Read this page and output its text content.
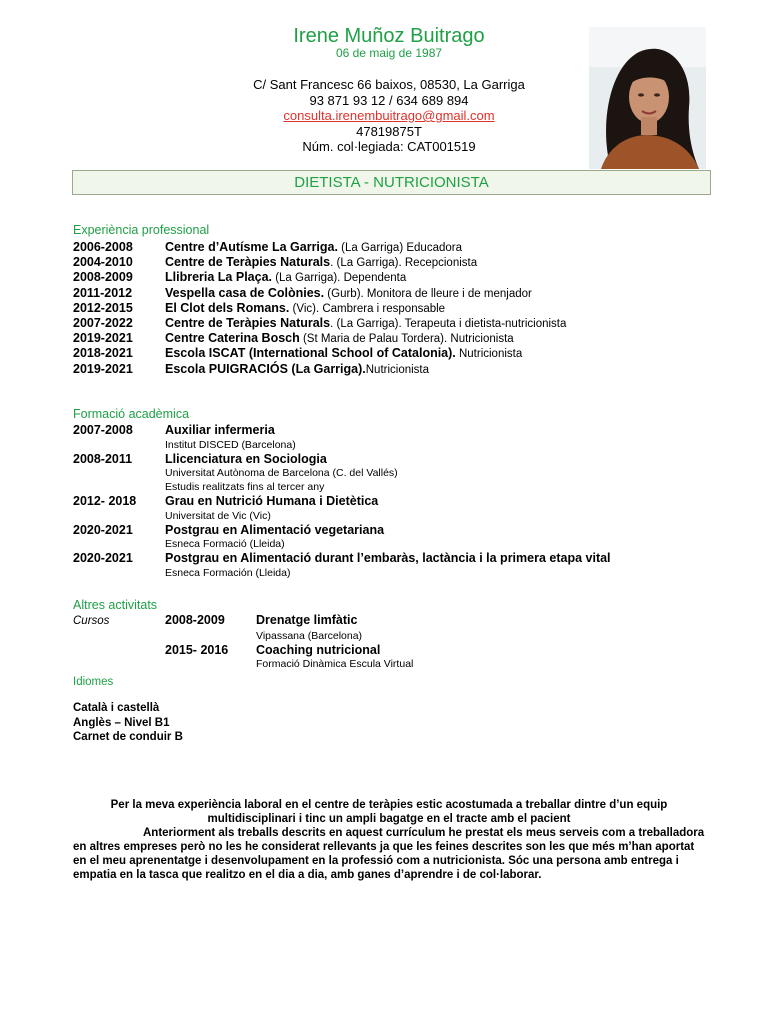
Irene Muñoz Buitrago
06 de maig de 1987
C/ Sant Francesc 66 baixos, 08530, La Garriga
93 871 93 12 / 634 689 894
consulta.irenembuitrago@gmail.com
47819875T
Núm. col·legiada: CAT001519
DIETISTA - NUTRICIONISTA
Experiència professional
2006-2008	Centre d’Autísme La Garriga. (La Garriga) Educadora
2004-2010	Centre de Teràpies Naturals. (La Garriga). Recepcionista
2008-2009	Llibreria La Plaça. (La Garriga). Dependenta
2011-2012	Vespella casa de Colònies. (Gurb). Monitora de lleure i de menjador
2012-2015	El Clot dels Romans. (Vic). Cambrera i responsable
2007-2022	Centre de Teràpies Naturals. (La Garriga). Terapeuta i dietista-nutricionista
2019-2021	Centre Caterina Bosch (St Maria de Palau Tordera). Nutricionista
2018-2021	Escola ISCAT (International School of Catalonia). Nutricionista
2019-2021	Escola PUIGRACIÓS (La Garriga).Nutricionista
Formació acadèmica
2007-2008	Auxiliar infermeria
Institut DISCED (Barcelona)
2008-2011	Llicenciatura en Sociologia
Universitat Autònoma de Barcelona (C. del Vallés)
Estudis realitzats fins al tercer any
2012- 2018 Grau en Nutrició Humana i Dietètica
Universitat de Vic (Vic)
2020-2021	Postgrau en Alimentació vegetariana
Esneca Formació (Lleida)
2020-2021	Postgrau en Alimentació durant l’embaràs, lactància i la primera etapa vital
Esneca Formación (Lleida)
Altres activitats
Cursos	2008-2009 Drenatge limfàtic
Vipassana (Barcelona)
2015- 2016 Coaching nutricional
Formació Dinàmica Escula Virtual
Idiomes
Català i castellà
Anglès – Nivel B1
Carnet de conduir B
Per la meva experiència laboral en el centre de teràpies estic acostumada a treballar dintre d’un equip
multidisciplinari i tinc un ampli bagatge en el tracte amb el pacient
Anteriorment als treballs descrits en aquest currículum he prestat els meus serveis com a treballadora
en altres empreses però no les he considerat rellevants ja que les feines descrites son les que més m’han aportat
en el meu aprenentatge i desenvolupament en la professió com a nutricionista. Sóc una persona amb entrega i
empatia en la tasca que realitzo en el dia a dia, amb ganes d’aprendre i de col·laborar.
